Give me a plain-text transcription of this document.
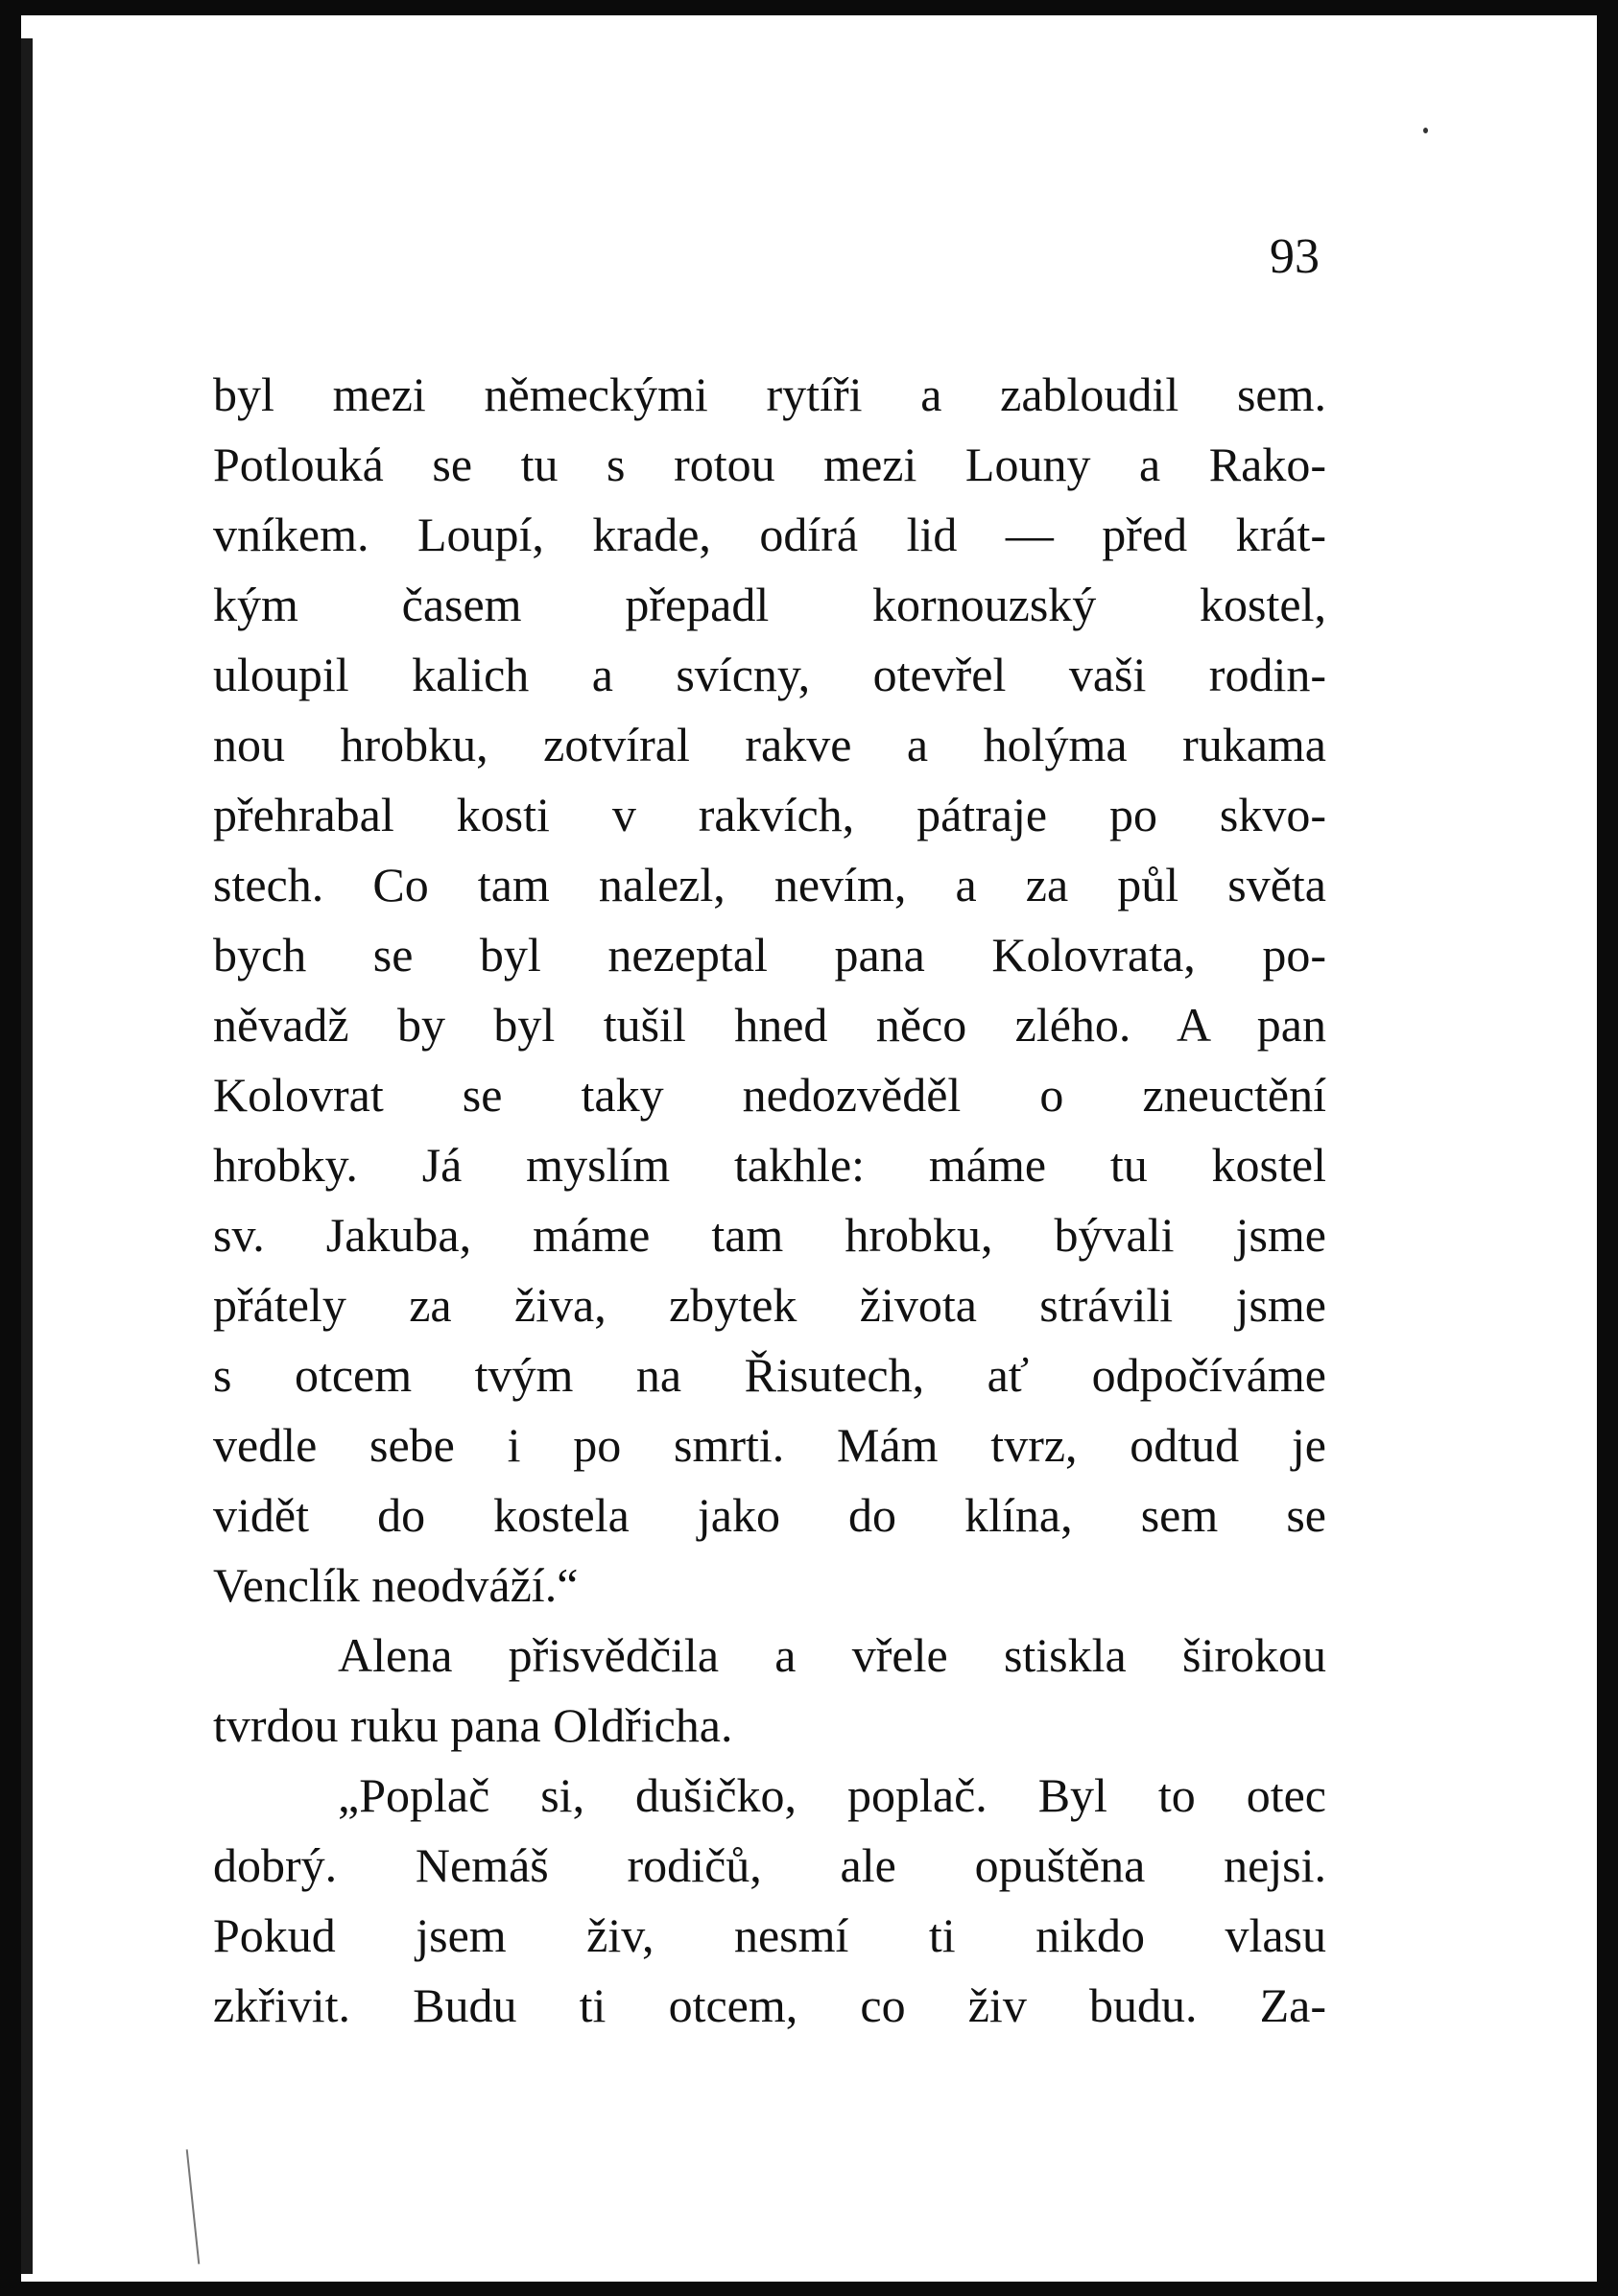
93
byl mezi německými rytíři a zabloudil sem.
Potlouká se tu s rotou mezi Louny a Rako-
vníkem. Loupí, krade, odírá lid — před krát-
kým časem přepadl kornouzský kostel,
uloupil kalich a svícny, otevřel vaši rodin-
nou hrobku, zotvíral rakve a holýma rukama
přehrabal kosti v rakvích, pátraje po skvo-
stech. Co tam nalezl, nevím, a za půl světa
bych se byl nezeptal pana Kolovrata, po-
něvadž by byl tušil hned něco zlého. A pan
Kolovrat se taky nedozvěděl o zneuctění
hrobky. Já myslím takhle: máme tu kostel
sv. Jakuba, máme tam hrobku, bývali jsme
přátely za živa, zbytek života strávili jsme
s otcem tvým na Řisutech, ať odpočíváme
vedle sebe i po smrti. Mám tvrz, odtud je
vidět do kostela jako do klína, sem se
Venclík neodváží.“
Alena přisvědčila a vřele stiskla širokou
tvrdou ruku pana Oldřicha.
„Poplač si, dušičko, poplač. Byl to otec
dobrý. Nemáš rodičů, ale opuštěna nejsi.
Pokud jsem živ, nesmí ti nikdo vlasu
zkřivit. Budu ti otcem, co živ budu. Za-
